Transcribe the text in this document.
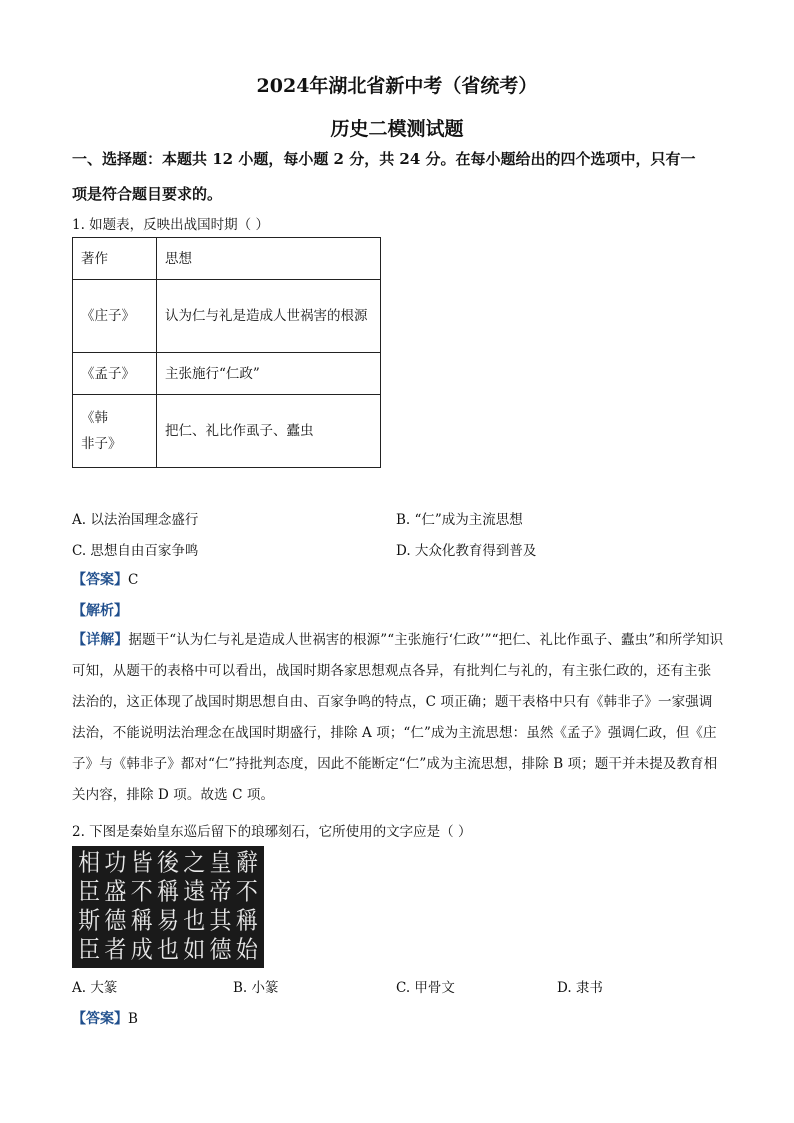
2024年湖北省新中考（省统考）
历史二模测试题
一、选择题：本题共 12 小题，每小题 2 分，共 24 分。在每小题给出的四个选项中，只有一
项是符合题目要求的。
1. 如题表，反映出战国时期（ ）
著作	思想
《庄子》	认为仁与礼是造成人世祸害的根源
《孟子》	主张施行“仁政”
《韩非子》	把仁、礼比作虱子、蠹虫
A. 以法治国理念盛行	B. “仁”成为主流思想
C. 思想自由百家争鸣	D. 大众化教育得到普及
【答案】C
【解析】
【详解】据题干“认为仁与礼是造成人世祸害的根源”“主张施行‘仁政’”“把仁、礼比作虱子、蠹虫”和所学知识可知，从题干的表格中可以看出，战国时期各家思想观点各异，有批判仁与礼的，有主张仁政的，还有主张法治的，这正体现了战国时期思想自由、百家争鸣的特点，C 项正确；题干表格中只有《韩非子》一家强调法治，不能说明法治理念在战国时期盛行，排除 A 项；“仁”成为主流思想：虽然《孟子》强调仁政，但《庄子》与《韩非子》都对“仁”持批判态度，因此不能断定“仁”成为主流思想，排除 B 项；题干并未提及教育相关内容，排除 D 项。故选 C 项。
2. 下图是秦始皇东巡后留下的琅琊刻石，它所使用的文字应是（ ）
相 功 皆 後 之 皇 辭
臣 盛 不 稱 遠 帝 不
斯 德 稱 易 也 其 稱
臣 者 成 也 如 德 始
A. 大篆	B. 小篆	C. 甲骨文	D. 隶书
【答案】B
